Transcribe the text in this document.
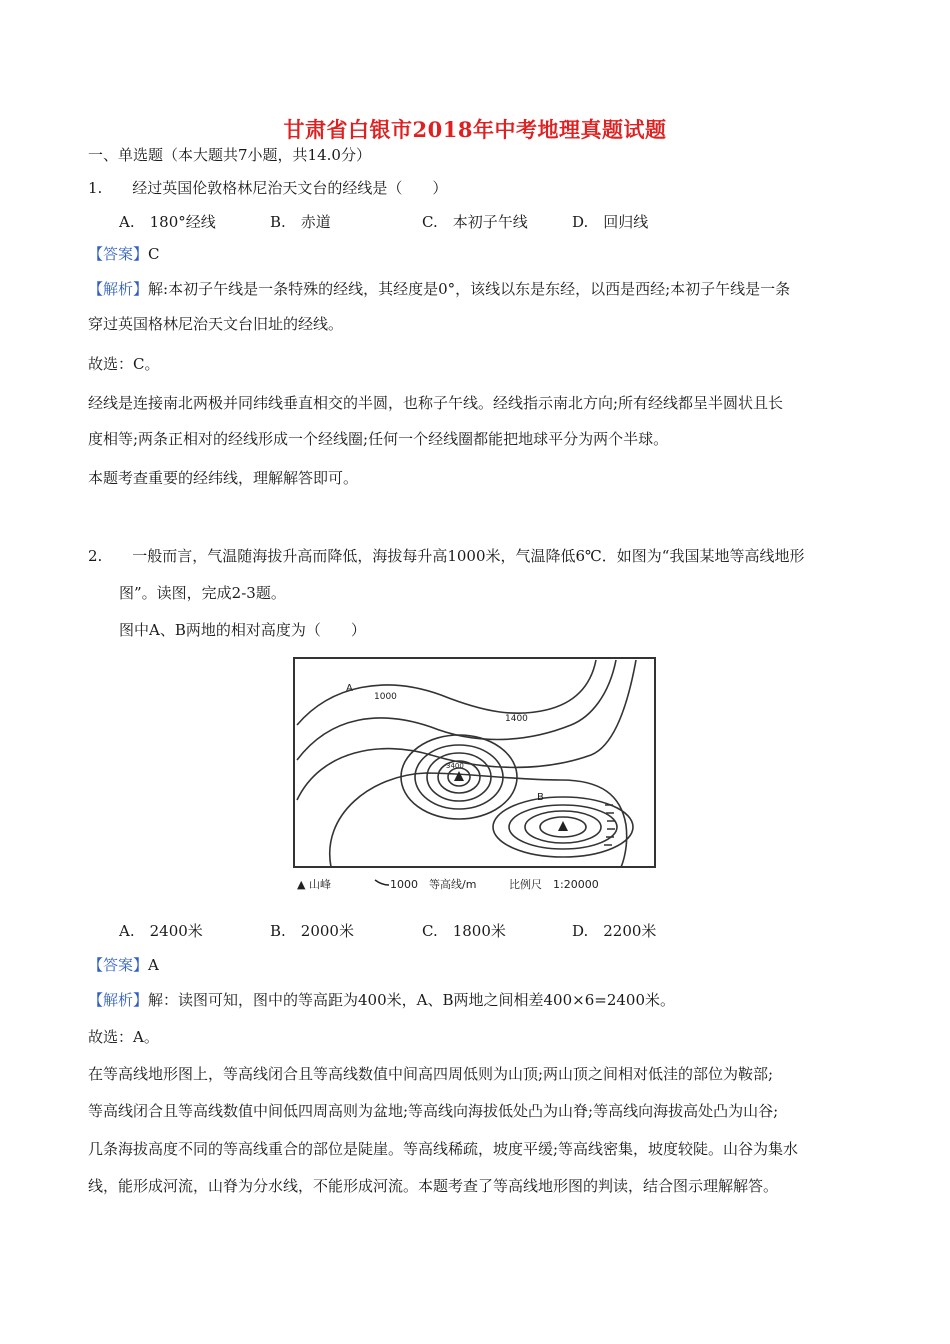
甘肃省白银市2018年中考地理真题试题
一、单选题（本大题共7小题，共14.0分）
1.　　经过英国伦敦格林尼治天文台的经线是（　　）
A.　180°经线	B.　赤道	C.　本初子午线	D.　回归线
【答案】C
【解析】解:本初子午线是一条特殊的经线，其经度是0°，该线以东是东经，以西是西经;本初子午线是一条
穿过英国格林尼治天文台旧址的经线。
故选：C。
经线是连接南北两极并同纬线垂直相交的半圆，也称子午线。经线指示南北方向;所有经线都呈半圆状且长
度相等;两条正相对的经线形成一个经线圈;任何一个经线圈都能把地球平分为两个半球。
本题考查重要的经纬线，理解解答即可。
2.　　一般而言，气温随海拔升高而降低，海拔每升高1000米，气温降低6℃．如图为“我国某地等高线地形
图”。读图，完成2-3题。
图中A、B两地的相对高度为（　　）
A
B
1000
1400
3400
▲ 山峰	1000　等高线/m	比例尺　1:20000
A.　2400米	B.　2000米	C.　1800米	D.　2200米
【答案】A
【解析】解：读图可知，图中的等高距为400米，A、B两地之间相差400×6=2400米。
故选：A。
在等高线地形图上，等高线闭合且等高线数值中间高四周低则为山顶;两山顶之间相对低洼的部位为鞍部;
等高线闭合且等高线数值中间低四周高则为盆地;等高线向海拔低处凸为山脊;等高线向海拔高处凸为山谷;
几条海拔高度不同的等高线重合的部位是陡崖。等高线稀疏，坡度平缓;等高线密集，坡度较陡。山谷为集水
线，能形成河流，山脊为分水线，不能形成河流。本题考查了等高线地形图的判读，结合图示理解解答。
